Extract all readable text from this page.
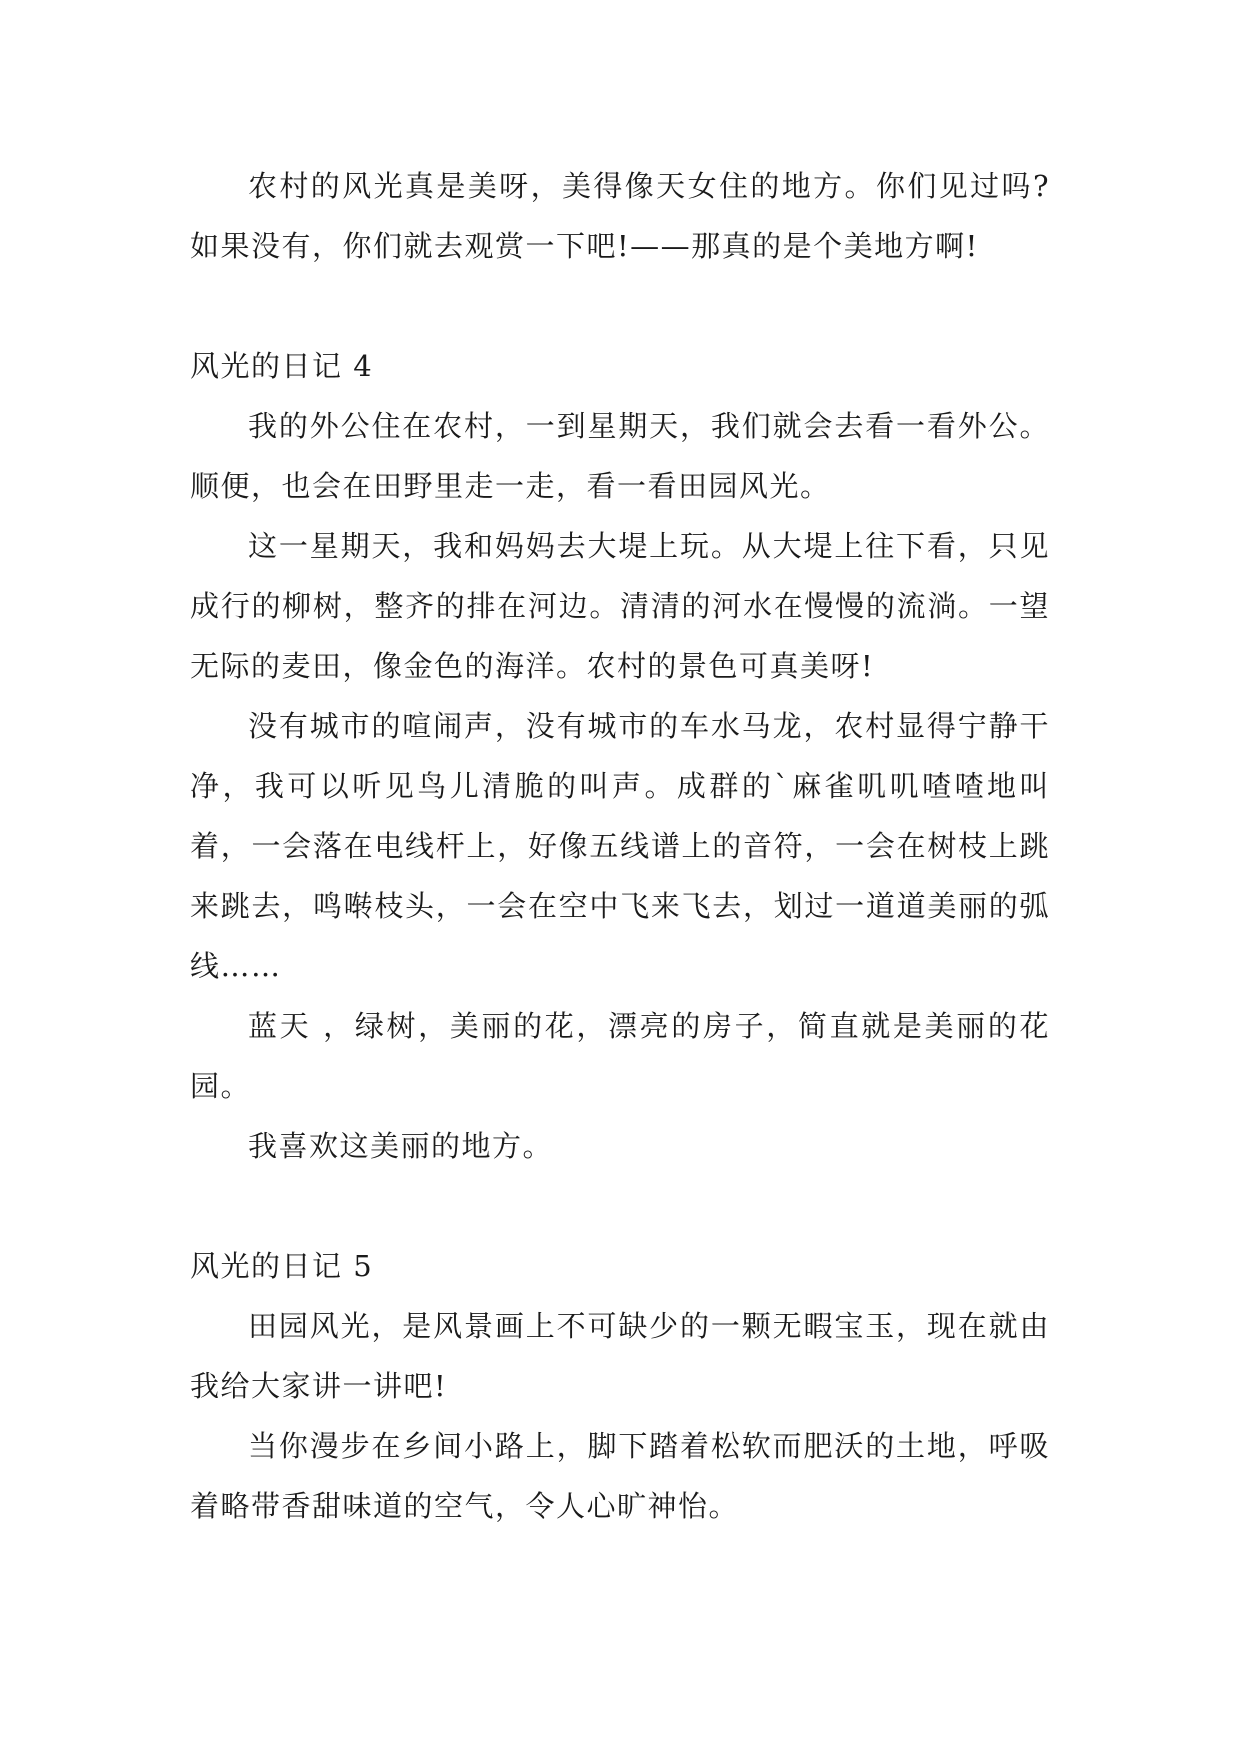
农村的风光真是美呀，美得像天女住的地方。你们见过吗?如果没有，你们就去观赏一下吧!——那真的是个美地方啊!

风光的日记 4

我的外公住在农村，一到星期天，我们就会去看一看外公。顺便，也会在田野里走一走，看一看田园风光。

这一星期天，我和妈妈去大堤上玩。从大堤上往下看，只见成行的柳树，整齐的排在河边。清清的河水在慢慢的流淌。一望无际的麦田，像金色的海洋。农村的景色可真美呀!

没有城市的喧闹声，没有城市的车水马龙，农村显得宁静干净，我可以听见鸟儿清脆的叫声。成群的`麻雀叽叽喳喳地叫着，一会落在电线杆上，好像五线谱上的音符，一会在树枝上跳来跳去，鸣啭枝头，一会在空中飞来飞去，划过一道道美丽的弧线……

蓝天 ，绿树，美丽的花，漂亮的房子，简直就是美丽的花园。

我喜欢这美丽的地方。

风光的日记 5

田园风光，是风景画上不可缺少的一颗无暇宝玉，现在就由我给大家讲一讲吧!

当你漫步在乡间小路上，脚下踏着松软而肥沃的土地，呼吸着略带香甜味道的空气，令人心旷神怡。
